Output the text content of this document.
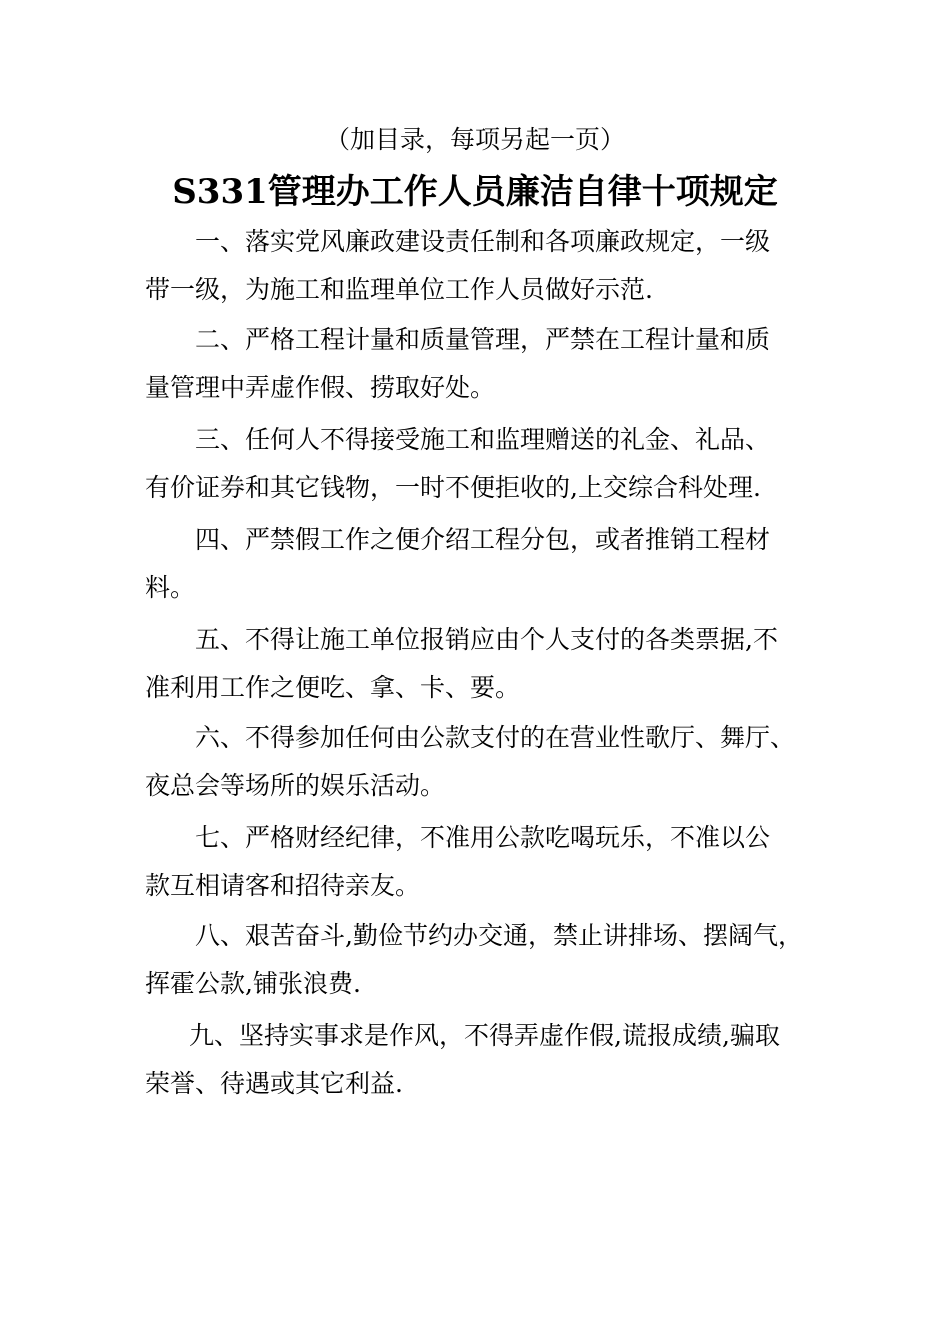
（加目录，每项另起一页）
S331管理办工作人员廉洁自律十项规定
一、落实党风廉政建设责任制和各项廉政规定，一级
带一级，为施工和监理单位工作人员做好示范.
二、严格工程计量和质量管理，严禁在工程计量和质
量管理中弄虚作假、捞取好处。
三、任何人不得接受施工和监理赠送的礼金、礼品、
有价证券和其它钱物，一时不便拒收的,上交综合科处理.
四、严禁假工作之便介绍工程分包，或者推销工程材
料。
五、不得让施工单位报销应由个人支付的各类票据,不
准利用工作之便吃、拿、卡、要。
六、不得参加任何由公款支付的在营业性歌厅、舞厅、
夜总会等场所的娱乐活动。
七、严格财经纪律，不准用公款吃喝玩乐，不准以公
款互相请客和招待亲友。
八、艰苦奋斗,勤俭节约办交通，禁止讲排场、摆阔气，
挥霍公款,铺张浪费.
九、坚持实事求是作风，不得弄虚作假,谎报成绩,骗取
荣誉、待遇或其它利益.
